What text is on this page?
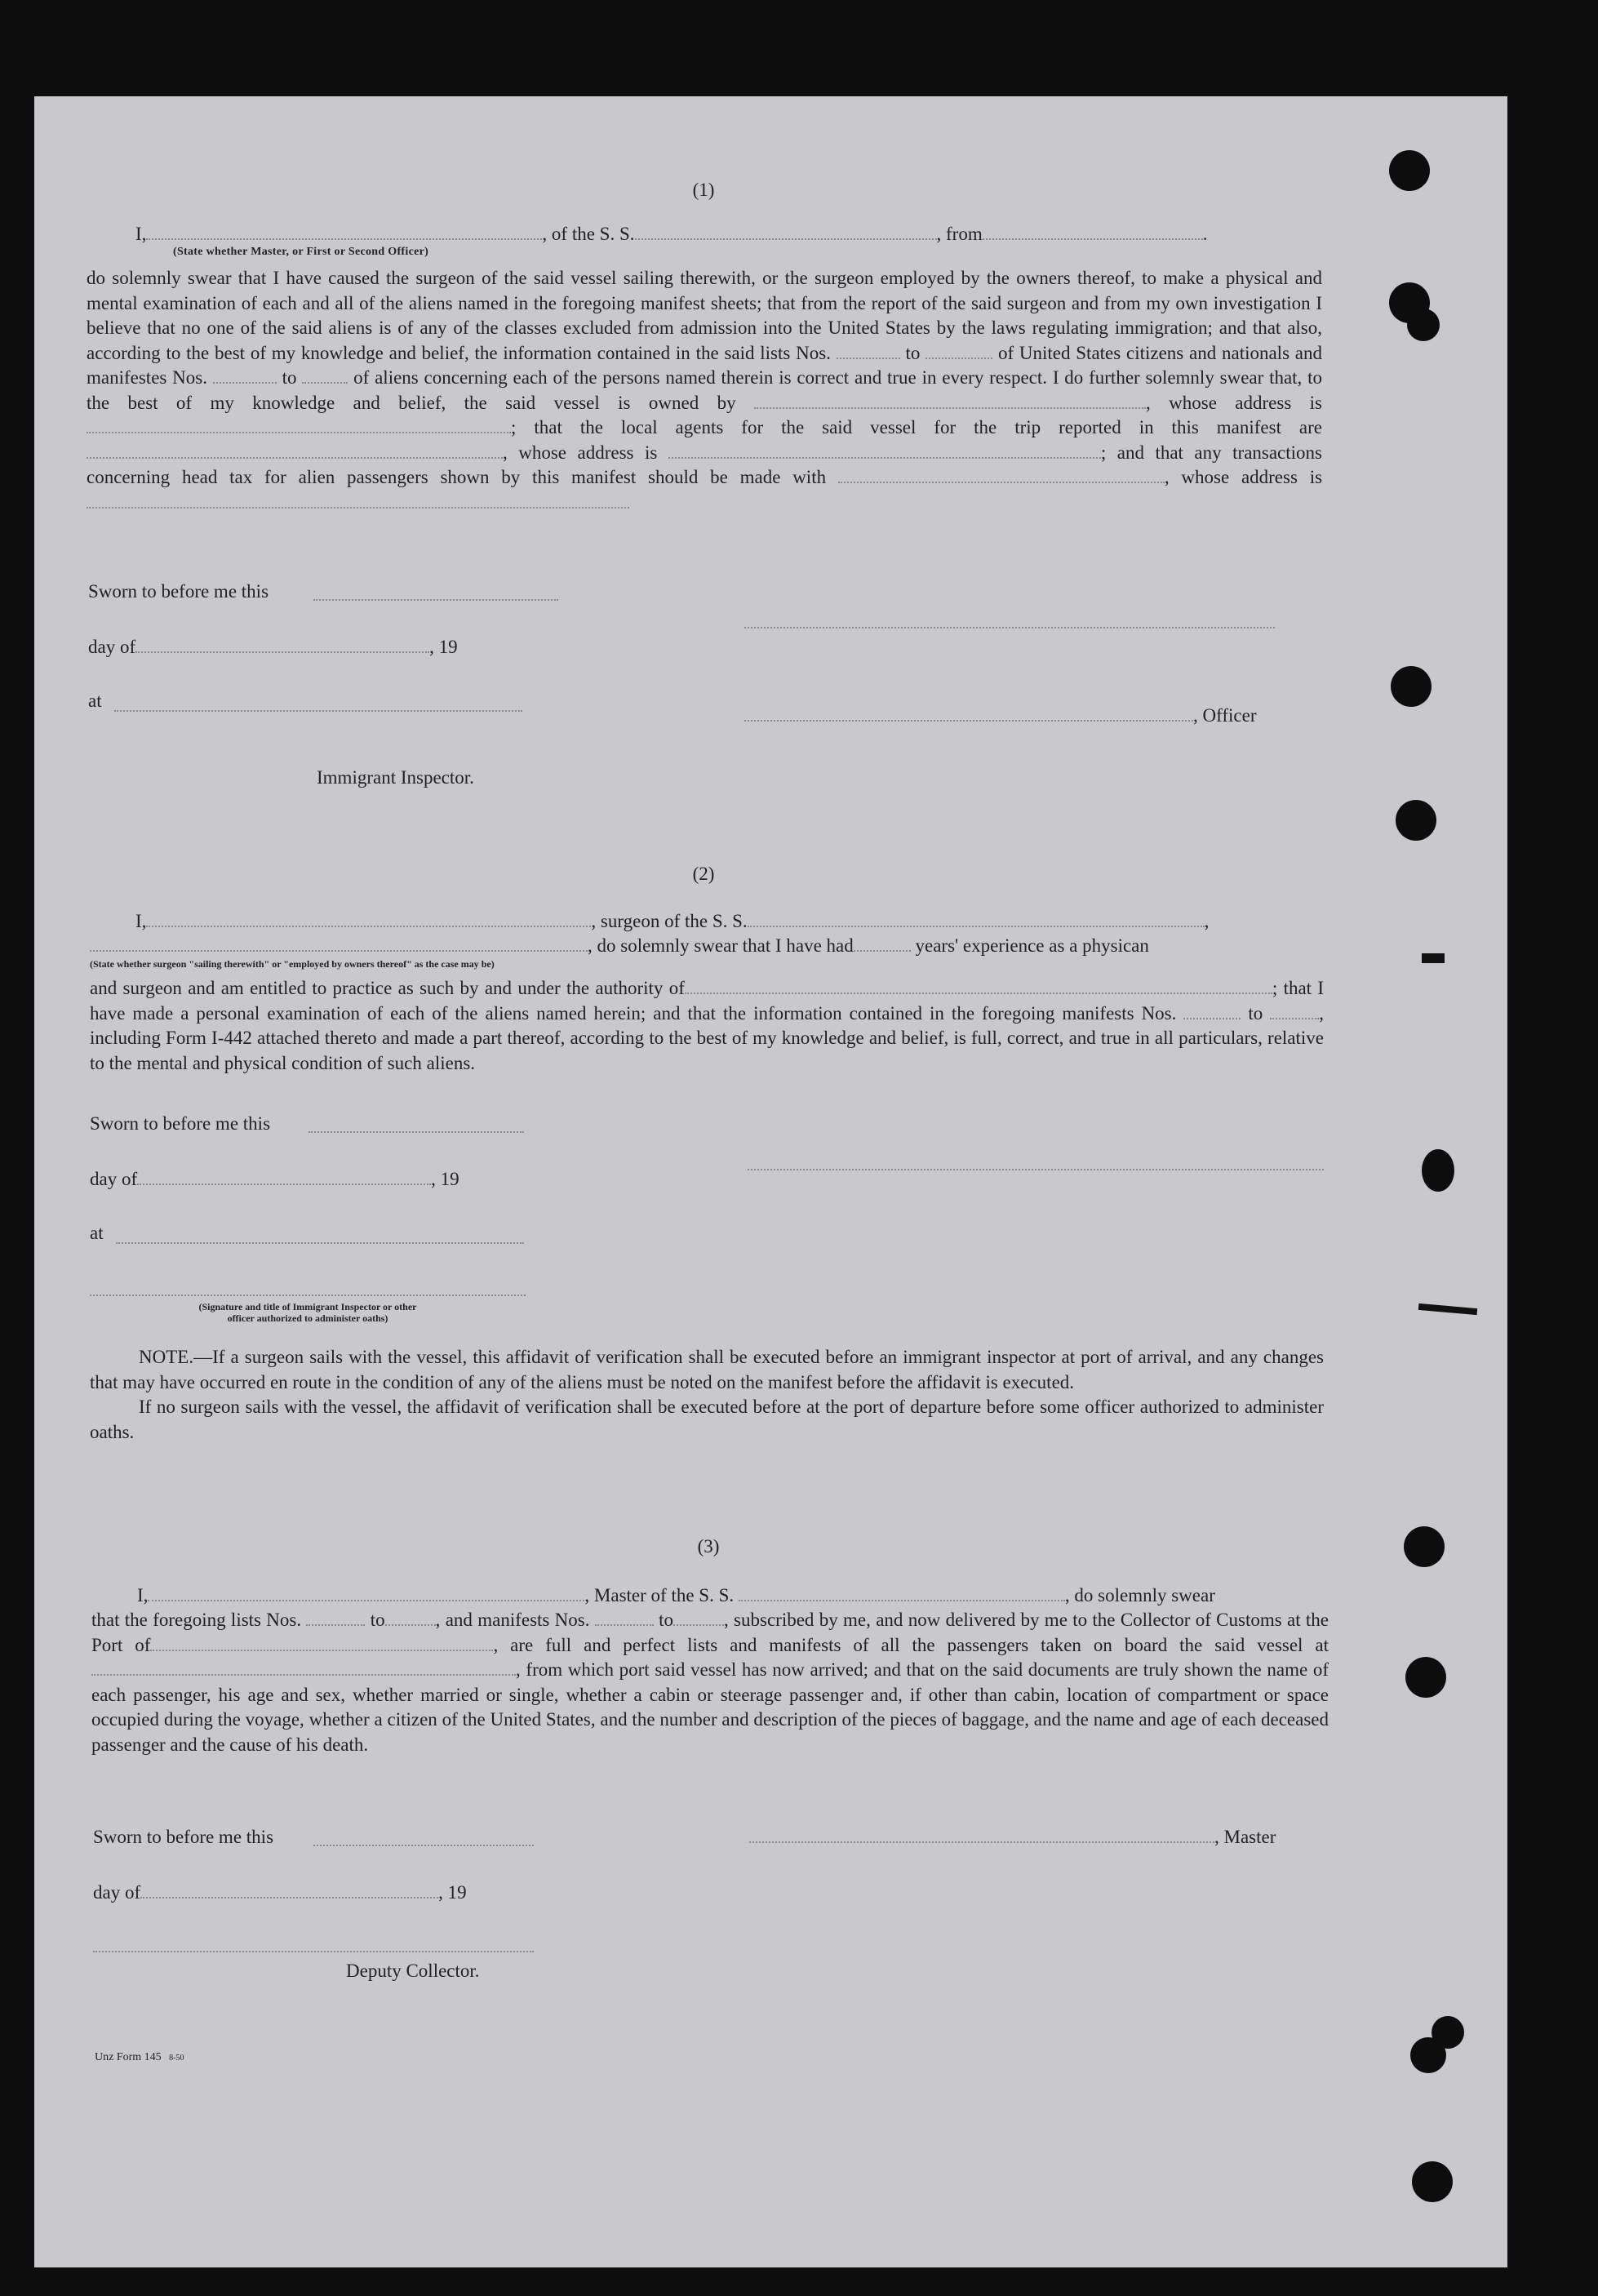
(1)
I,	, of the S. S.	, from	.
(State whether Master, or First or Second Officer)
do solemnly swear that I have caused the surgeon of the said vessel sailing therewith, or the surgeon employed by the owners thereof, to make a physical and mental examination of each and all of the aliens named in the foregoing manifest sheets; that from the report of the said surgeon and from my own investigation I believe that no one of the said aliens is of any of the classes excluded from admission into the United States by the laws regulating immigration; and that also, according to the best of my knowledge and belief, the information contained in the said lists Nos.	to	of United States citizens and nationals and manifestes Nos.	to	of aliens concerning each of the persons named therein is correct and true in every respect. I do further solemnly swear that, to the best of my knowledge and belief, the said vessel is owned by	, whose address is ; that the local agents for the said vessel for the trip reported in this manifest are , whose address is	; and that any transactions concerning head tax for alien passengers shown by this manifest should be made with	, whose address is
Sworn to before me this
day of	, 19
at
, Officer
Immigrant Inspector.
(2)
I,	, surgeon of the S. S.	,
, do solemnly swear that I have had	years' experience as a physican
(State whether surgeon "sailing therewith" or "employed by owners thereof" as the case may be)
and surgeon and am entitled to practice as such by and under the authority of	; that I have made a personal examination of each of the aliens named herein; and that the information contained in the foregoing manifests Nos.	to	, including Form I-442 attached thereto and made a part thereof, according to the best of my knowledge and belief, is full, correct, and true in all particulars, relative to the mental and physical condition of such aliens.
Sworn to before me this
day of	, 19
at
(Signature and title of Immigrant Inspector or other
officer authorized to administer oaths)

NOTE.—If a surgeon sails with the vessel, this affidavit of verification shall be executed before an immigrant inspector at port of arrival, and any changes that may have occurred en route in the condition of any of the aliens must be noted on the manifest before the affidavit is executed.

If no surgeon sails with the vessel, the affidavit of verification shall be executed before at the port of departure before some officer authorized to administer oaths.

(3)
I,	, Master of the S. S.	, do solemnly swear
that the foregoing lists Nos.	to	, and manifests Nos.	to	, subscribed by me, and now delivered by me to the Collector of Customs at the Port of	, are full and perfect lists and manifests of all the passengers taken on board the said vessel at , from which port said vessel has now arrived; and that on the said documents are truly shown the name of each passenger, his age and sex, whether married or single, whether a cabin or steerage passenger and, if other than cabin, location of compartment or space occupied during the voyage, whether a citizen of the United States, and the number and description of the pieces of baggage, and the name and age of each deceased passenger and the cause of his death.
Sworn to before me this	, Master
day of	, 19
Deputy Collector.
Unz Form 145 8-50
